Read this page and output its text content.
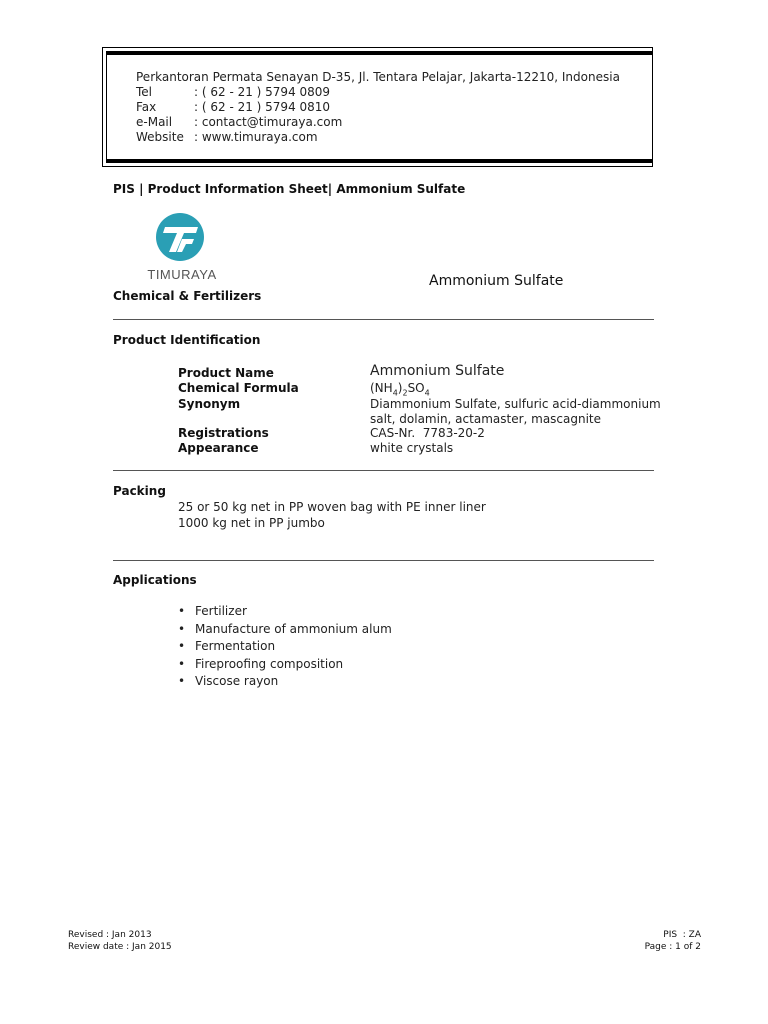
Perkantoran Permata Senayan D-35, Jl. Tentara Pelajar, Jakarta-12210, Indonesia
Tel	: ( 62 - 21 ) 5794 0809
Fax	: ( 62 - 21 ) 5794 0810
e-Mail	: contact@timuraya.com
Website : www.timuraya.com
PIS | Product Information Sheet| Ammonium Sulfate
TIMURAYA
Chemical & Fertilizers
Ammonium Sulfate
Product Identification
Product Name	Ammonium Sulfate
Chemical Formula	$(NH_4)_2SO_4$
Synonym	Diammonium Sulfate, sulfuric acid-diammonium
salt, dolamin, actamaster, mascagnite
Registrations	CAS-Nr.  7783-20-2
Appearance	white crystals
Packing
25 or 50 kg net in PP woven bag with PE inner liner
1000 kg net in PP jumbo
Applications
• Fertilizer
• Manufacture of ammonium alum
• Fermentation
• Fireproofing composition
• Viscose rayon
Revised : Jan 2013
Review date : Jan 2015
PIS  : ZA
Page : 1 of 2
